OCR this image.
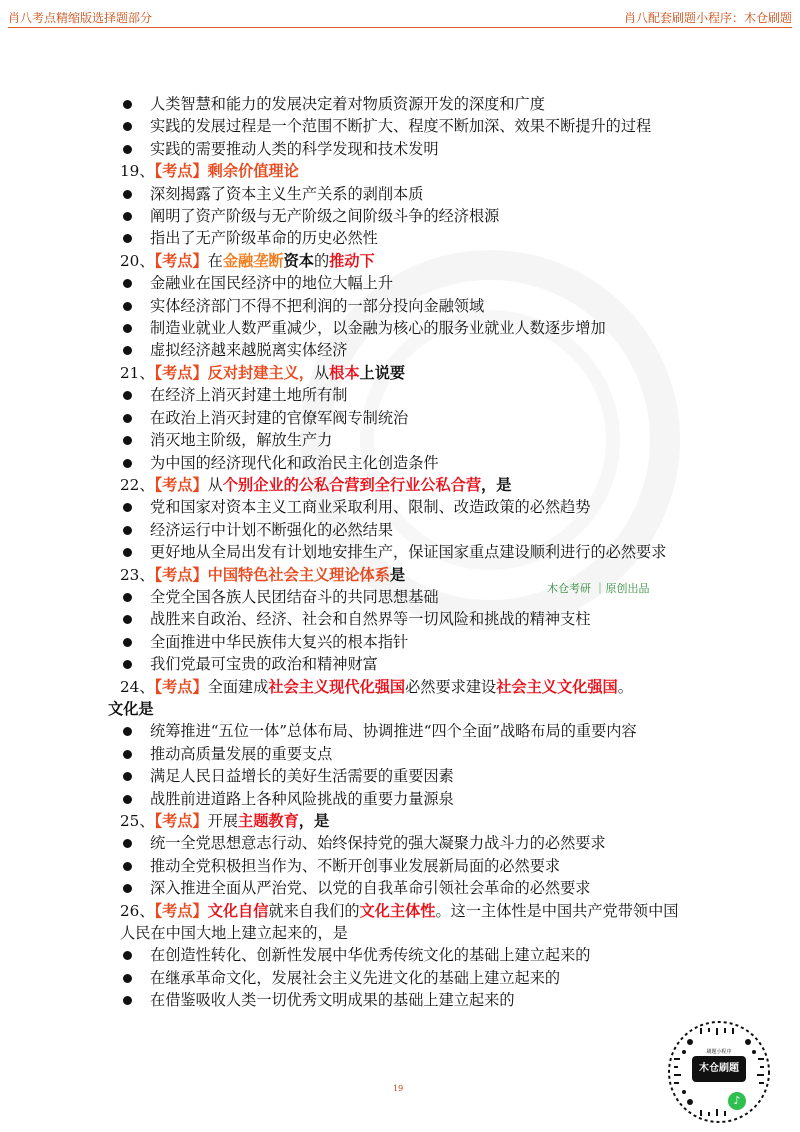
肖八考点精缩版选择题部分	肖八配套刷题小程序：木仓刷题
人类智慧和能力的发展决定着对物质资源开发的深度和广度
实践的发展过程是一个范围不断扩大、程度不断加深、效果不断提升的过程
实践的需要推动人类的科学发现和技术发明
19、【考点】剩余价值理论
深刻揭露了资本主义生产关系的剥削本质
阐明了资产阶级与无产阶级之间阶级斗争的经济根源
指出了无产阶级革命的历史必然性
20、【考点】在金融垄断资本的推动下
金融业在国民经济中的地位大幅上升
实体经济部门不得不把利润的一部分投向金融领域
制造业就业人数严重减少，以金融为核心的服务业就业人数逐步增加
虚拟经济越来越脱离实体经济
21、【考点】反对封建主义，从根本上说要
在经济上消灭封建土地所有制
在政治上消灭封建的官僚军阀专制统治
消灭地主阶级，解放生产力
为中国的经济现代化和政治民主化创造条件
22、【考点】从个别企业的公私合营到全行业公私合营，是
党和国家对资本主义工商业采取利用、限制、改造政策的必然趋势
经济运行中计划不断强化的必然结果
更好地从全局出发有计划地安排生产，保证国家重点建设顺利进行的必然要求
23、【考点】中国特色社会主义理论体系是
全党全国各族人民团结奋斗的共同思想基础
战胜来自政治、经济、社会和自然界等一切风险和挑战的精神支柱
全面推进中华民族伟大复兴的根本指针
我们党最可宝贵的政治和精神财富
24、【考点】全面建成社会主义现代化强国必然要求建设社会主义文化强国。
文化是
统筹推进“五位一体”总体布局、协调推进“四个全面”战略布局的重要内容
推动高质量发展的重要支点
满足人民日益增长的美好生活需要的重要因素
战胜前进道路上各种风险挑战的重要力量源泉
25、【考点】开展主题教育，是
统一全党思想意志行动、始终保持党的强大凝聚力战斗力的必然要求
推动全党积极担当作为、不断开创事业发展新局面的必然要求
深入推进全面从严治党、以党的自我革命引领社会革命的必然要求
26、【考点】文化自信就来自我们的文化主体性。这一主体性是中国共产党带领中国人民在中国大地上建立起来的，是
在创造性转化、创新性发展中华优秀传统文化的基础上建立起来的
在继承革命文化，发展社会主义先进文化的基础上建立起来的
在借鉴吸收人类一切优秀文明成果的基础上建立起来的
木仓考研 ｜原创出品
19
刷题小程序
木仓刷题
♪
